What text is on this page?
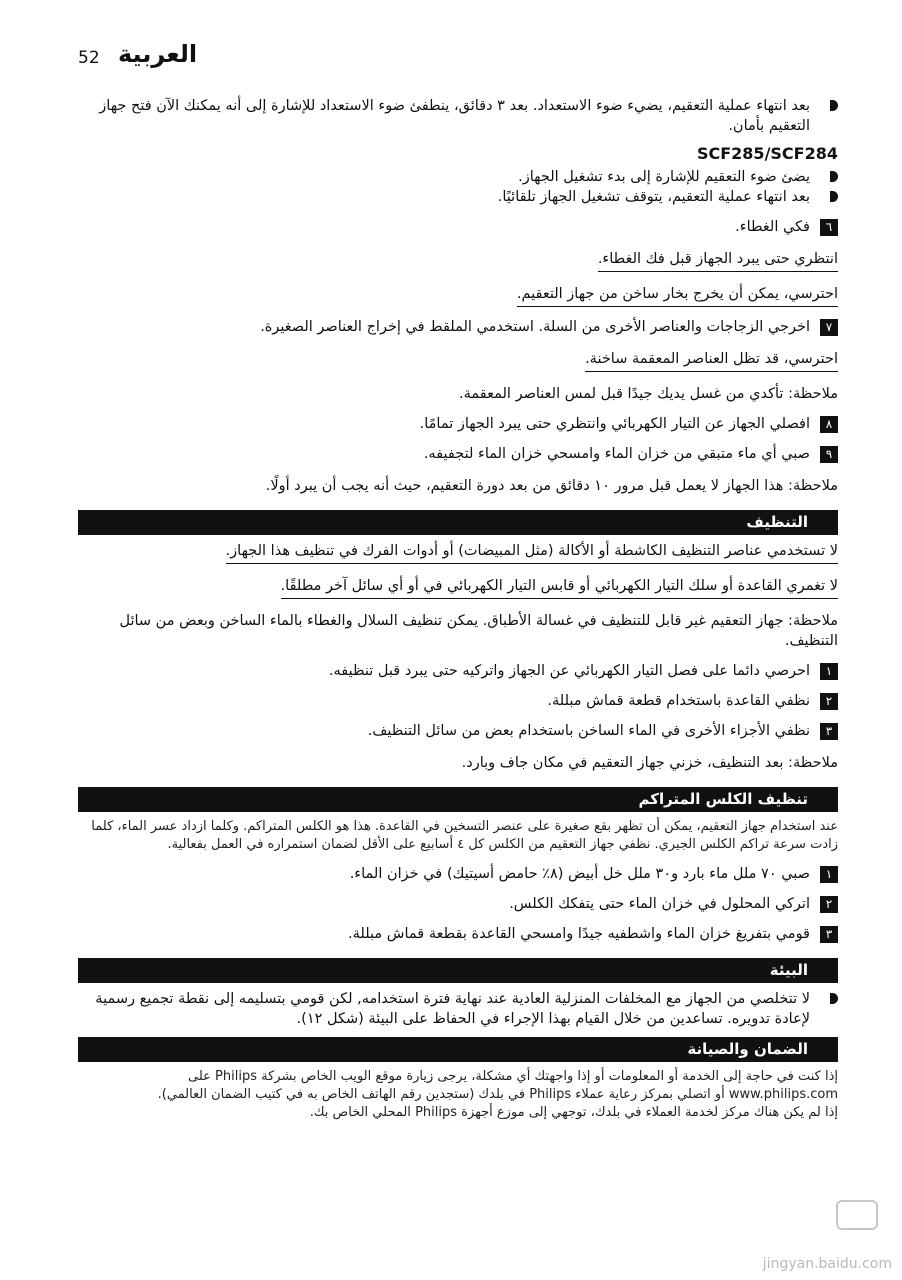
52 العربية

بعد انتهاء عملية التعقيم، يضيء ضوء الاستعداد. بعد ٣ دقائق، ينطفئ ضوء الاستعداد للإشارة إلى أنه يمكنك الآن فتح جهاز التعقيم بأمان.

SCF285/SCF284

يضئ ضوء التعقيم للإشارة إلى بدء تشغيل الجهاز.

بعد انتهاء عملية التعقيم، يتوقف تشغيل الجهاز تلقائيًا.

٦

فكي الغطاء.

انتظري حتى يبرد الجهاز قبل فك الغطاء.
احترسي، يمكن أن يخرج بخار ساخن من جهاز التعقيم.
٧

اخرجي الزجاجات والعناصر الأخرى من السلة. استخدمي الملقط في إخراج العناصر الصغيرة.

احترسي، قد تظل العناصر المعقمة ساخنة.

ملاحظة: تأكدي من غسل يديك جيدًا قبل لمس العناصر المعقمة.

٨

افصلي الجهاز عن التيار الكهربائي وانتظري حتى يبرد الجهاز تمامًا.

٩

صبي أي ماء متبقي من خزان الماء وامسحي خزان الماء لتجفيفه.

ملاحظة: هذا الجهاز لا يعمل قبل مرور ١٠ دقائق من بعد دورة التعقيم، حيث أنه يجب أن يبرد أولًا.

التنظيف
لا تستخدمي عناصر التنظيف الكاشطة أو الأكالة (مثل المبيضات) أو أدوات الفرك في تنظيف هذا الجهاز.
لا تغمري القاعدة أو سلك التيار الكهربائي أو قابس التيار الكهربائي في أو أي سائل آخر مطلقًا.

ملاحظة: جهاز التعقيم غير قابل للتنظيف في غسالة الأطباق. يمكن تنظيف السلال والغطاء بالماء الساخن وبعض من سائل التنظيف.

١

احرصي دائما على فصل التيار الكهربائي عن الجهاز واتركيه حتى يبرد قبل تنظيفه.

٢

نظفي القاعدة باستخدام قطعة قماش مبللة.

٣

نظفي الأجزاء الأخرى في الماء الساخن باستخدام بعض من سائل التنظيف.

ملاحظة: بعد التنظيف، خزني جهاز التعقيم في مكان جاف وبارد.

تنظيف الكلس المتراكم

عند استخدام جهاز التعقيم، يمكن أن تظهر بقع صغيرة على عنصر التسخين في القاعدة. هذا هو الكلس المتراكم. وكلما ازداد عسر الماء، كلما زادت سرعة تراكم الكلس الجيري. نظفي جهاز التعقيم من الكلس كل ٤ أسابيع على الأقل لضمان استمراره في العمل بفعالية.

١

صبي ٧٠ ملل ماء بارد و٣٠ ملل خل أبيض (٨٪ حامض أسيتيك) في خزان الماء.

٢

اتركي المحلول في خزان الماء حتى يتفكك الكلس.

٣

قومي بتفريغ خزان الماء واشطفيه جيدًا وامسحي القاعدة بقطعة قماش مبللة.

البيئة

لا تتخلصي من الجهاز مع المخلفات المنزلية العادية عند نهاية فترة استخدامه, لكن قومي بتسليمه إلى نقطة تجميع رسمية لإعادة تدويره. تساعدين من خلال القيام بهذا الإجراء في الحفاظ على البيئة (شكل ١٢).

الضمان والصيانة

إذا كنت في حاجة إلى الخدمة أو المعلومات أو إذا واجهتك أي مشكلة، يرجى زيارة موقع الويب الخاص بشركة Philips على www.philips.com أو اتصلي بمركز رعاية عملاء Philips في بلدك (ستجدين رقم الهاتف الخاص به في كتيب الضمان العالمي).

إذا لم يكن هناك مركز لخدمة العملاء في بلدك، توجهي إلى موزع أجهزة Philips المحلي الخاص بك.

jingyan.baidu.com
